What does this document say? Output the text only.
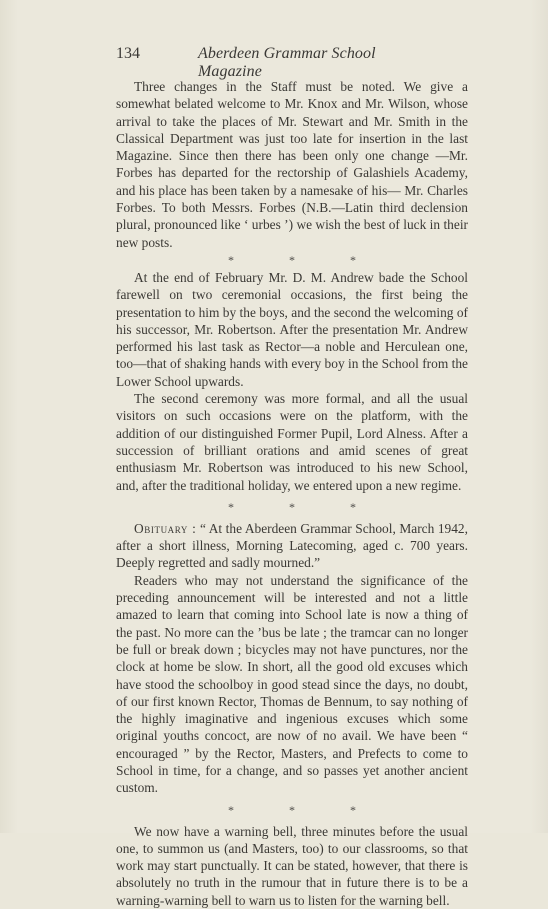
134	Aberdeen Grammar School Magazine

Three changes in the Staff must be noted. We give a somewhat belated welcome to Mr. Knox and Mr. Wilson, whose arrival to take the places of Mr. Stewart and Mr. Smith in the Classical Department was just too late for insertion in the last Magazine. Since then there has been only one change —Mr. Forbes has departed for the rectorship of Galashiels Academy, and his place has been taken by a namesake of his— Mr. Charles Forbes. To both Messrs. Forbes (N.B.—Latin third declension plural, pronounced like ‘ urbes ’) we wish the best of luck in their new posts.

* * *

At the end of February Mr. D. M. Andrew bade the School farewell on two ceremonial occasions, the first being the presentation to him by the boys, and the second the welcoming of his successor, Mr. Robertson. After the presentation Mr. Andrew performed his last task as Rector—a noble and Herculean one, too—that of shaking hands with every boy in the School from the Lower School upwards.

The second ceremony was more formal, and all the usual visitors on such occasions were on the platform, with the addition of our distinguished Former Pupil, Lord Alness. After a succession of brilliant orations and amid scenes of great enthusiasm Mr. Robertson was introduced to his new School, and, after the traditional holiday, we entered upon a new regime.

* * *

Obituary : “ At the Aberdeen Grammar School, March 1942, after a short illness, Morning Latecoming, aged c. 700 years. Deeply regretted and sadly mourned.”

Readers who may not understand the significance of the preceding announcement will be interested and not a little amazed to learn that coming into School late is now a thing of the past. No more can the ’bus be late ; the tramcar can no longer be full or break down ; bicycles may not have punctures, nor the clock at home be slow. In short, all the good old excuses which have stood the schoolboy in good stead since the days, no doubt, of our first known Rector, Thomas de Bennum, to say nothing of the highly imaginative and ingenious excuses which some original youths concoct, are now of no avail. We have been “ encouraged ” by the Rector, Masters, and Prefects to come to School in time, for a change, and so passes yet another ancient custom.

* * *

We now have a warning bell, three minutes before the usual one, to summon us (and Masters, too) to our classrooms, so that work may start punctually. It can be stated, however, that there is absolutely no truth in the rumour that in future there is to be a warning-warning bell to warn us to listen for the warning bell.
